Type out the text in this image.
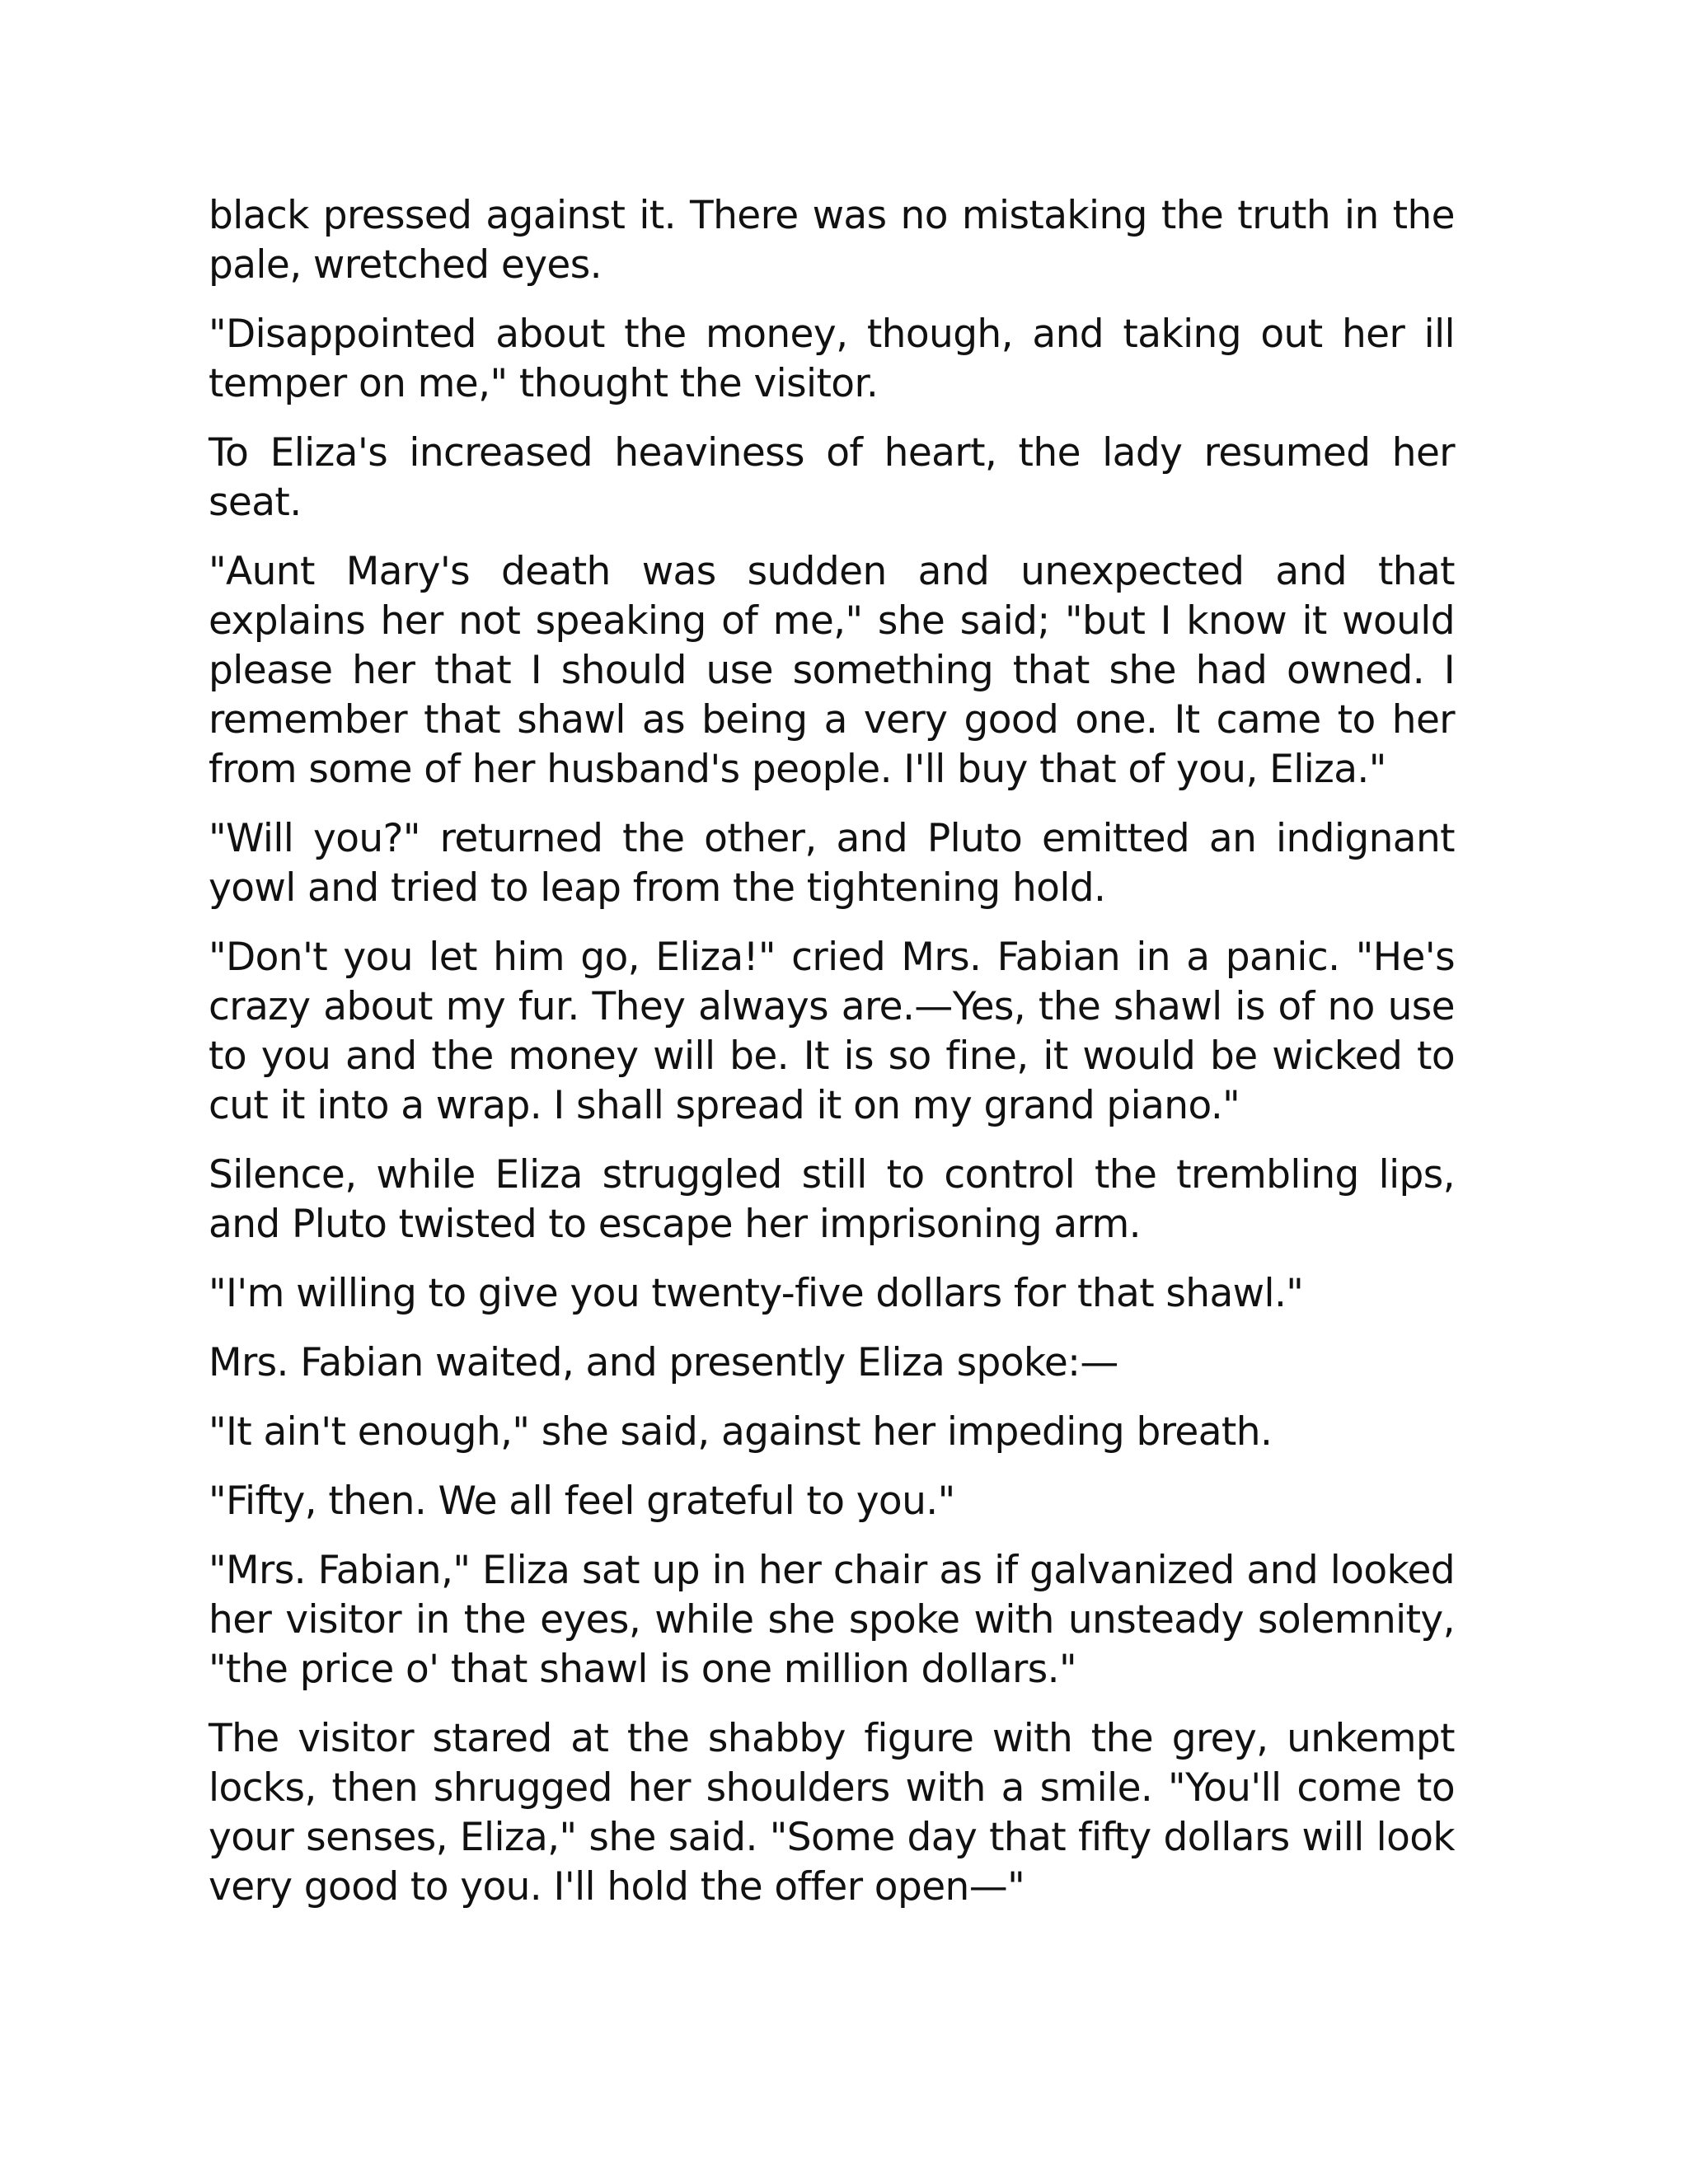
black pressed against it. There was no mistaking the truth in the pale, wretched eyes.

"Disappointed about the money, though, and taking out her ill temper on me," thought the visitor.

To Eliza's increased heaviness of heart, the lady resumed her seat.

"Aunt Mary's death was sudden and unexpected and that explains her not speaking of me," she said; "but I know it would please her that I should use something that she had owned. I remember that shawl as being a very good one. It came to her from some of her husband's people. I'll buy that of you, Eliza."

"Will you?" returned the other, and Pluto emitted an indignant yowl and tried to leap from the tightening hold.

"Don't you let him go, Eliza!" cried Mrs. Fabian in a panic. "He's crazy about my fur. They always are.—Yes, the shawl is of no use to you and the money will be. It is so fine, it would be wicked to cut it into a wrap. I shall spread it on my grand piano."

Silence, while Eliza struggled still to control the trembling lips, and Pluto twisted to escape her imprisoning arm.

"I'm willing to give you twenty-five dollars for that shawl."

Mrs. Fabian waited, and presently Eliza spoke:—

"It ain't enough," she said, against her impeding breath.

"Fifty, then. We all feel grateful to you."

"Mrs. Fabian," Eliza sat up in her chair as if galvanized and looked her visitor in the eyes, while she spoke with unsteady solemnity, "the price o' that shawl is one million dollars."

The visitor stared at the shabby figure with the grey, unkempt locks, then shrugged her shoulders with a smile. "You'll come to your senses, Eliza," she said. "Some day that fifty dollars will look very good to you. I'll hold the offer open—"
